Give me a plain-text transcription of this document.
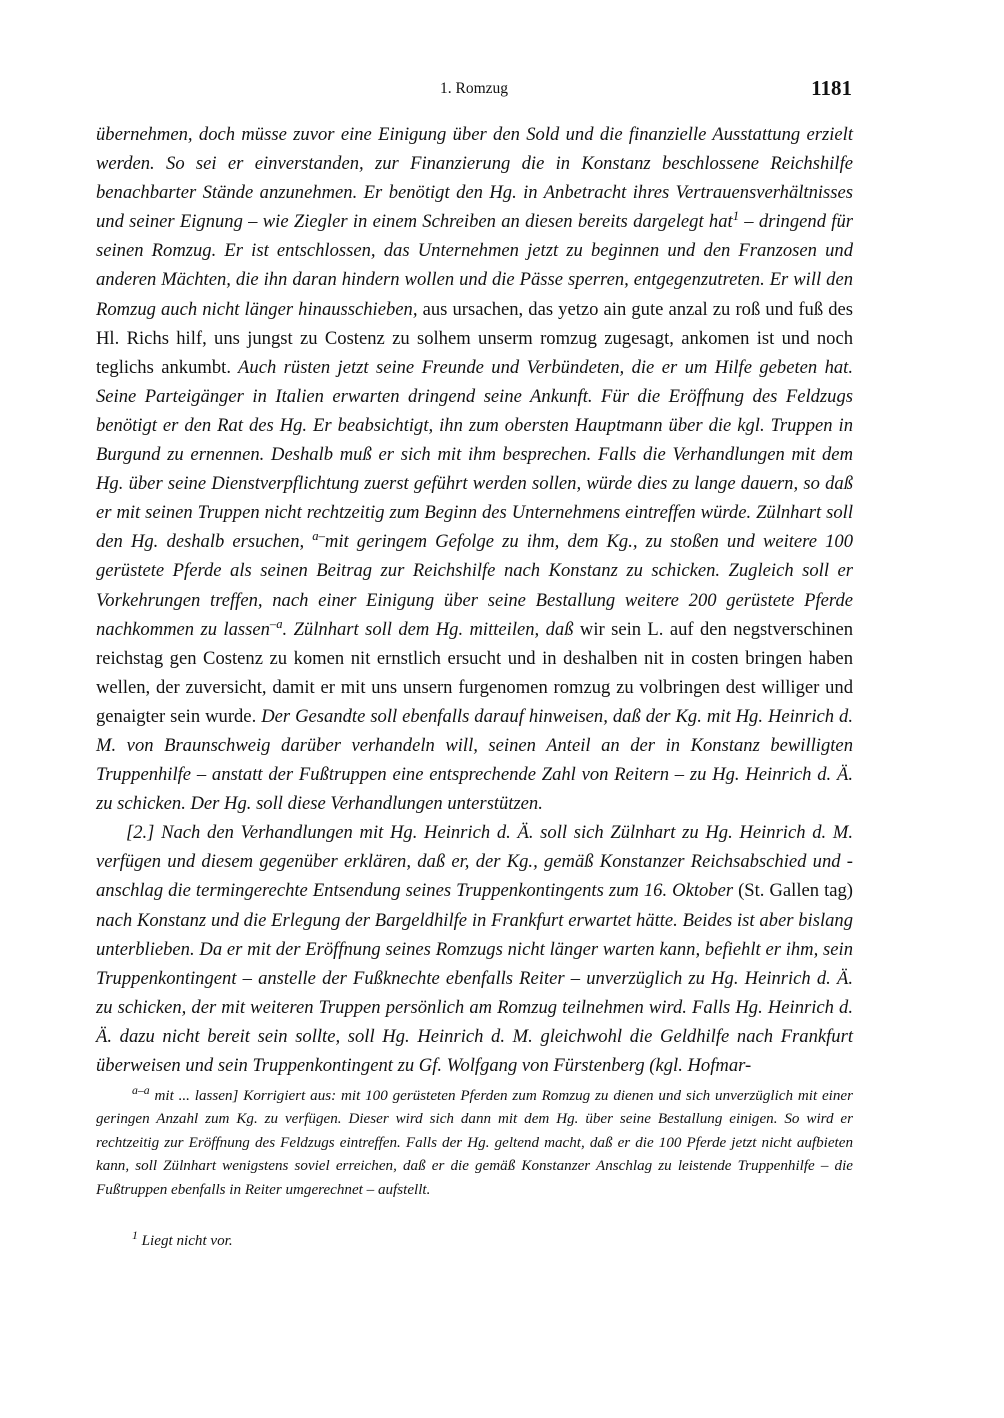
1. Romzug	1181

übernehmen, doch müsse zuvor eine Einigung über den Sold und die finanzielle Ausstattung erzielt werden. So sei er einverstanden, zur Finanzierung die in Konstanz beschlossene Reichshilfe benachbarter Stände anzunehmen. Er benötigt den Hg. in Anbetracht ihres Vertrauensverhältnisses und seiner Eignung – wie Ziegler in einem Schreiben an diesen bereits dargelegt hat$^1$ – dringend für seinen Romzug. Er ist entschlossen, das Unternehmen jetzt zu beginnen und den Franzosen und anderen Mächten, die ihn daran hindern wollen und die Pässe sperren, entgegenzutreten. Er will den Romzug auch nicht länger hinausschieben, aus ursachen, das yetzo ain gute anzal zu roß und fuß des Hl. Richs hilf, uns jungst zu Costenz zu solhem unserm romzug zugesagt, ankomen ist und noch teglichs ankumbt. Auch rüsten jetzt seine Freunde und Verbündeten, die er um Hilfe gebeten hat. Seine Parteigänger in Italien erwarten dringend seine Ankunft. Für die Eröffnung des Feldzugs benötigt er den Rat des Hg. Er beabsichtigt, ihn zum obersten Hauptmann über die kgl. Truppen in Burgund zu ernennen. Deshalb muß er sich mit ihm besprechen. Falls die Verhandlungen mit dem Hg. über seine Dienstverpflichtung zuerst geführt werden sollen, würde dies zu lange dauern, so daß er mit seinen Truppen nicht rechtzeitig zum Beginn des Unternehmens eintreffen würde. Zülnhart soll den Hg. deshalb ersuchen, $^{a-}$mit geringem Gefolge zu ihm, dem Kg., zu stoßen und weitere 100 gerüstete Pferde als seinen Beitrag zur Reichshilfe nach Konstanz zu schicken. Zugleich soll er Vorkehrungen treffen, nach einer Einigung über seine Bestallung weitere 200 gerüstete Pferde nachkommen zu lassen$^{-a}$. Zülnhart soll dem Hg. mitteilen, daß wir sein L. auf den negstverschinen reichstag gen Costenz zu komen nit ernstlich ersucht und in deshalben nit in costen bringen haben wellen, der zuversicht, damit er mit uns unsern furgenomen romzug zu volbringen dest williger und genaigter sein wurde. Der Gesandte soll ebenfalls darauf hinweisen, daß der Kg. mit Hg. Heinrich d. M. von Braunschweig darüber verhandeln will, seinen Anteil an der in Konstanz bewilligten Truppenhilfe – anstatt der Fußtruppen eine entsprechende Zahl von Reitern – zu Hg. Heinrich d. Ä. zu schicken. Der Hg. soll diese Verhandlungen unterstützen.

[2.] Nach den Verhandlungen mit Hg. Heinrich d. Ä. soll sich Zülnhart zu Hg. Heinrich d. M. verfügen und diesem gegenüber erklären, daß er, der Kg., gemäß Konstanzer Reichsabschied und -anschlag die termingerechte Entsendung seines Truppenkontingents zum 16. Oktober (St. Gallen tag) nach Konstanz und die Erlegung der Bargeldhilfe in Frankfurt erwartet hätte. Beides ist aber bislang unterblieben. Da er mit der Eröffnung seines Romzugs nicht länger warten kann, befiehlt er ihm, sein Truppenkontingent – anstelle der Fußknechte ebenfalls Reiter – unverzüglich zu Hg. Heinrich d. Ä. zu schicken, der mit weiteren Truppen persönlich am Romzug teilnehmen wird. Falls Hg. Heinrich d. Ä. dazu nicht bereit sein sollte, soll Hg. Heinrich d. M. gleichwohl die Geldhilfe nach Frankfurt überweisen und sein Truppenkontingent zu Gf. Wolfgang von Fürstenberg (kgl. Hofmar-

$^{a-a}$ mit ... lassen] Korrigiert aus: mit 100 gerüsteten Pferden zum Romzug zu dienen und sich unverzüglich mit einer geringen Anzahl zum Kg. zu verfügen. Dieser wird sich dann mit dem Hg. über seine Bestallung einigen. So wird er rechtzeitig zur Eröffnung des Feldzugs eintreffen. Falls der Hg. geltend macht, daß er die 100 Pferde jetzt nicht aufbieten kann, soll Zülnhart wenigstens soviel erreichen, daß er die gemäß Konstanzer Anschlag zu leistende Truppenhilfe – die Fußtruppen ebenfalls in Reiter umgerechnet – aufstellt.

$^1$ Liegt nicht vor.
